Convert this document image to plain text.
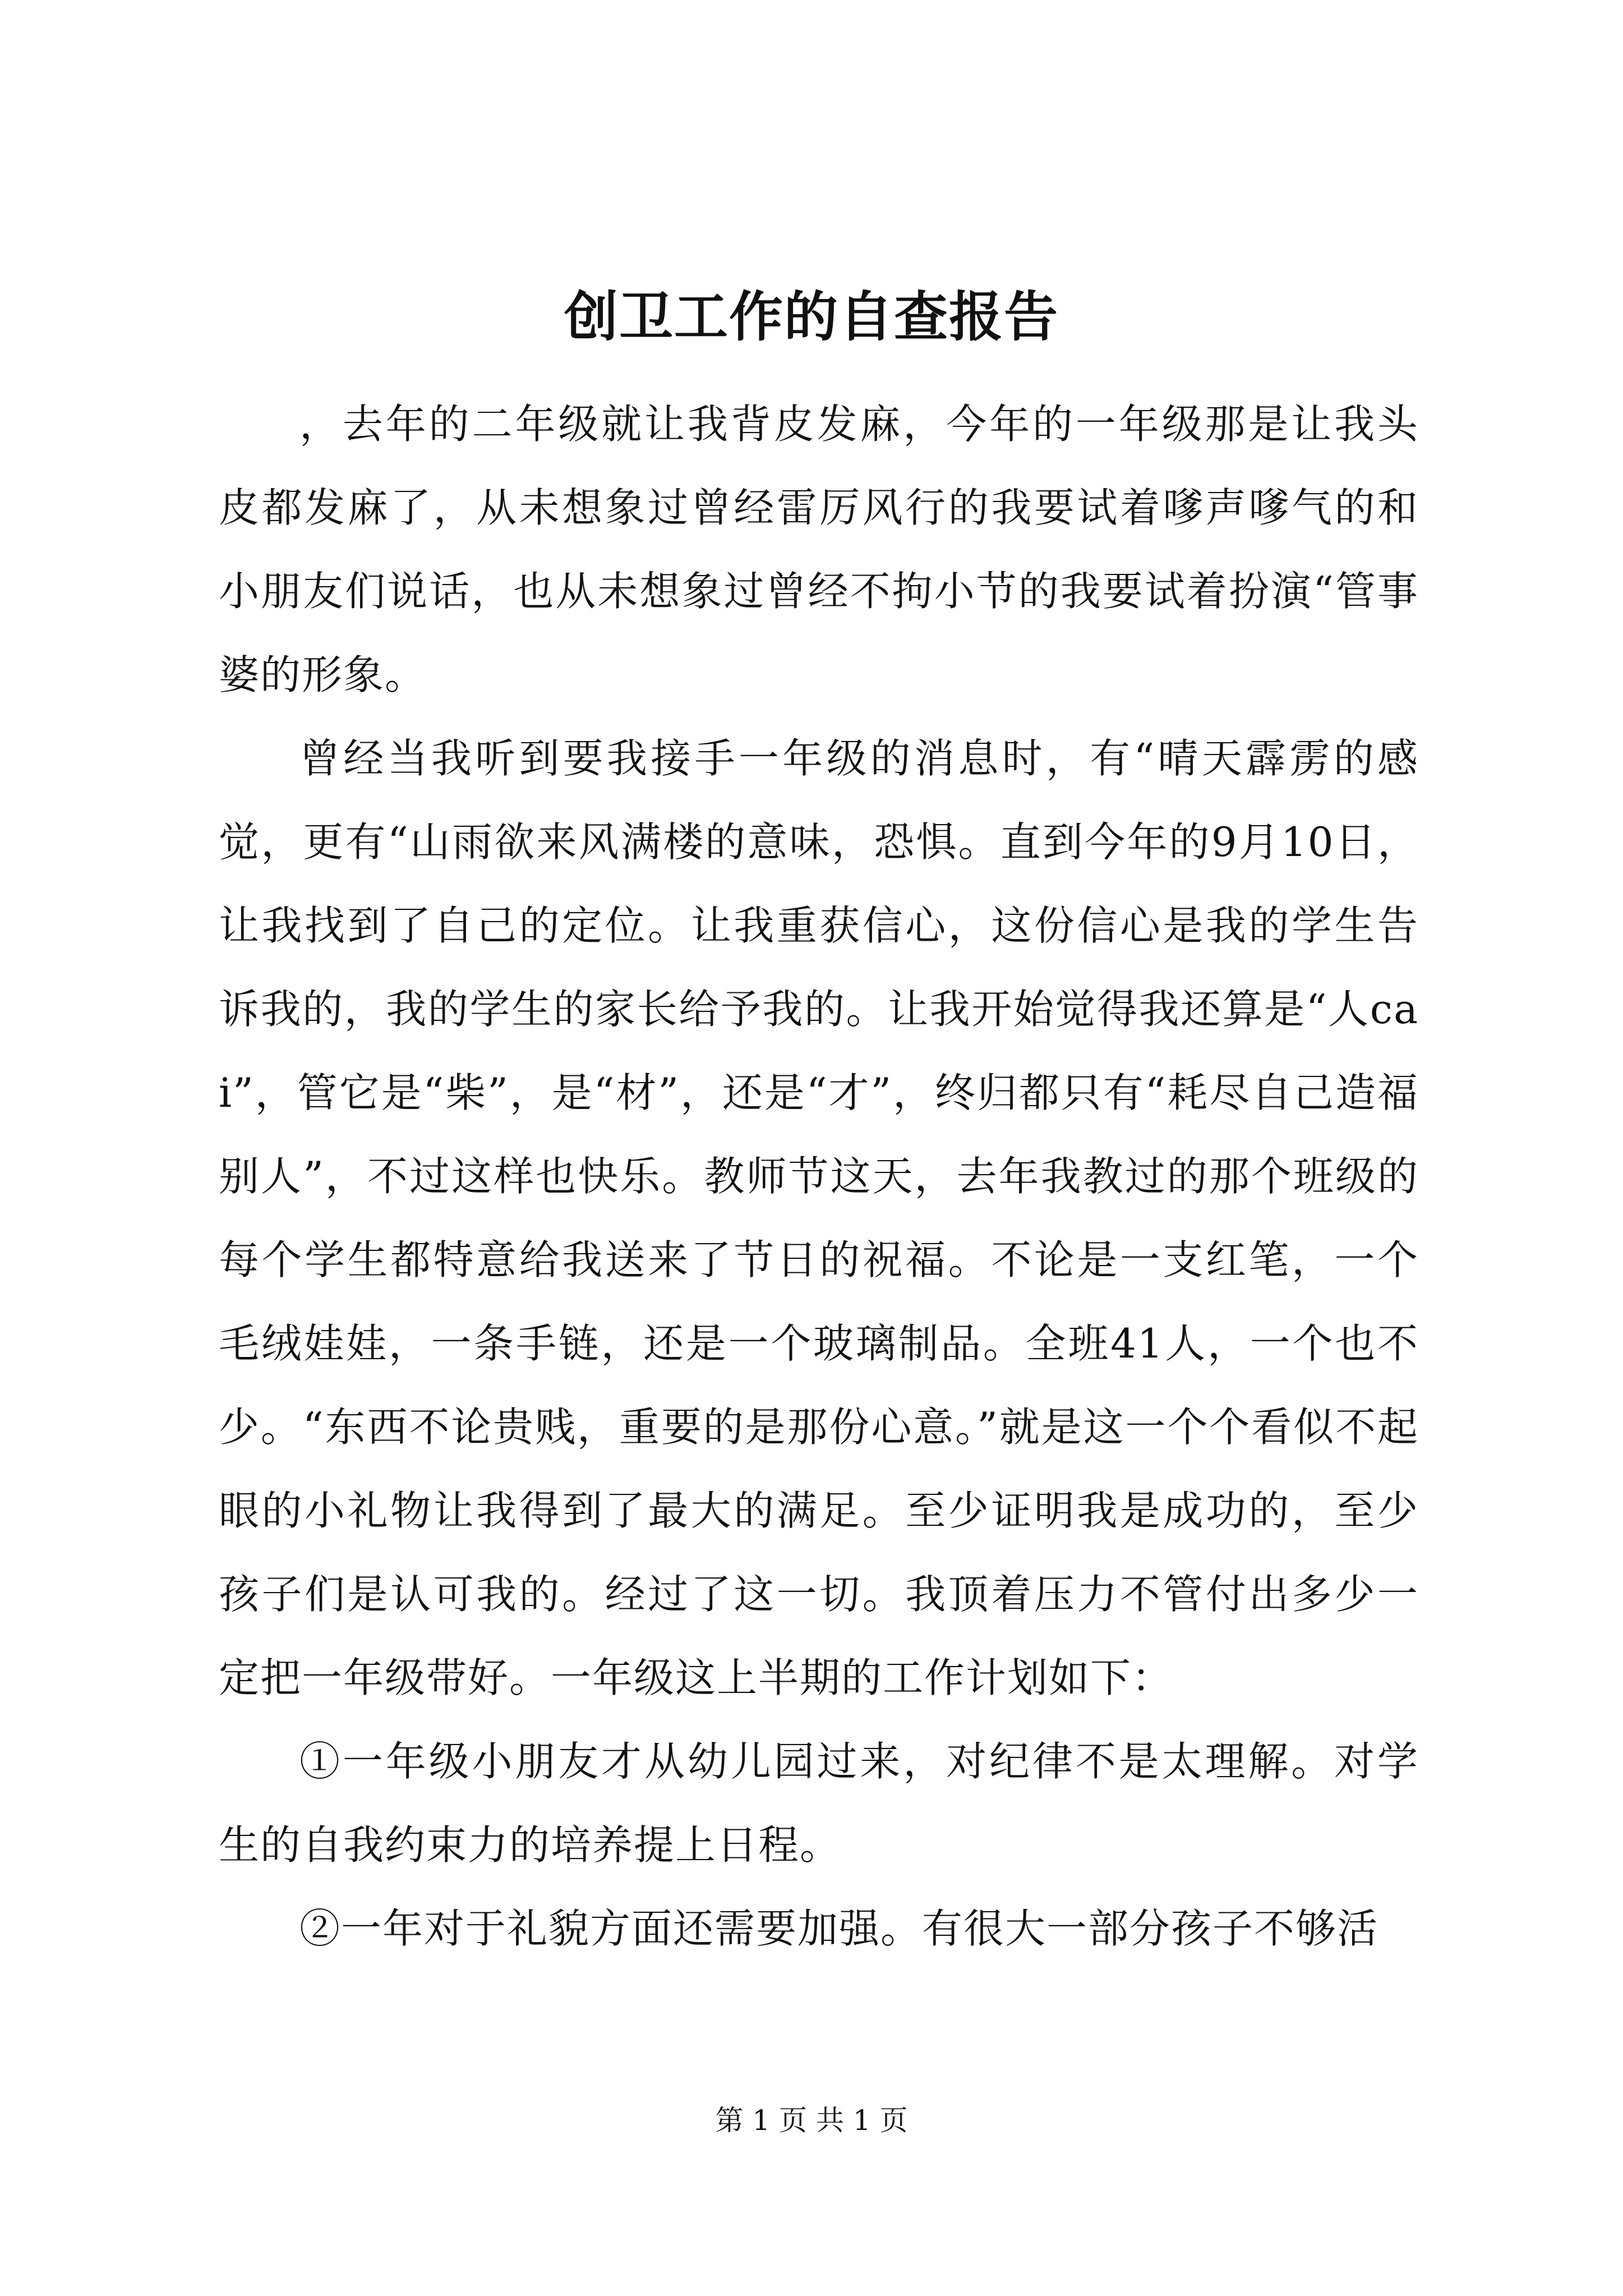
创卫工作的自查报告

，去年的二年级就让我背皮发麻，今年的一年级那是让我头皮都发麻了，从未想象过曾经雷厉风行的我要试着嗲声嗲气的和小朋友们说话，也从未想象过曾经不拘小节的我要试着扮演“管事婆的形象。

曾经当我听到要我接手一年级的消息时，有“晴天霹雳的感觉，更有“山雨欲来风满楼的意味，恐惧。直到今年的9月10日，让我找到了自己的定位。让我重获信心，这份信心是我的学生告诉我的，我的学生的家长给予我的。让我开始觉得我还算是“人cai”，管它是“柴”，是“材”，还是“才”，终归都只有“耗尽自己造福别人”，不过这样也快乐。教师节这天，去年我教过的那个班级的每个学生都特意给我送来了节日的祝福。不论是一支红笔，一个毛绒娃娃，一条手链，还是一个玻璃制品。全班41人，一个也不少。“东西不论贵贱，重要的是那份心意。”就是这一个个看似不起眼的小礼物让我得到了最大的满足。至少证明我是成功的，至少孩子们是认可我的。经过了这一切。我顶着压力不管付出多少一定把一年级带好。一年级这上半期的工作计划如下：

①一年级小朋友才从幼儿园过来，对纪律不是太理解。对学生的自我约束力的培养提上日程。

②一年对于礼貌方面还需要加强。有很大一部分孩子不够活

第 1 页 共 1 页
